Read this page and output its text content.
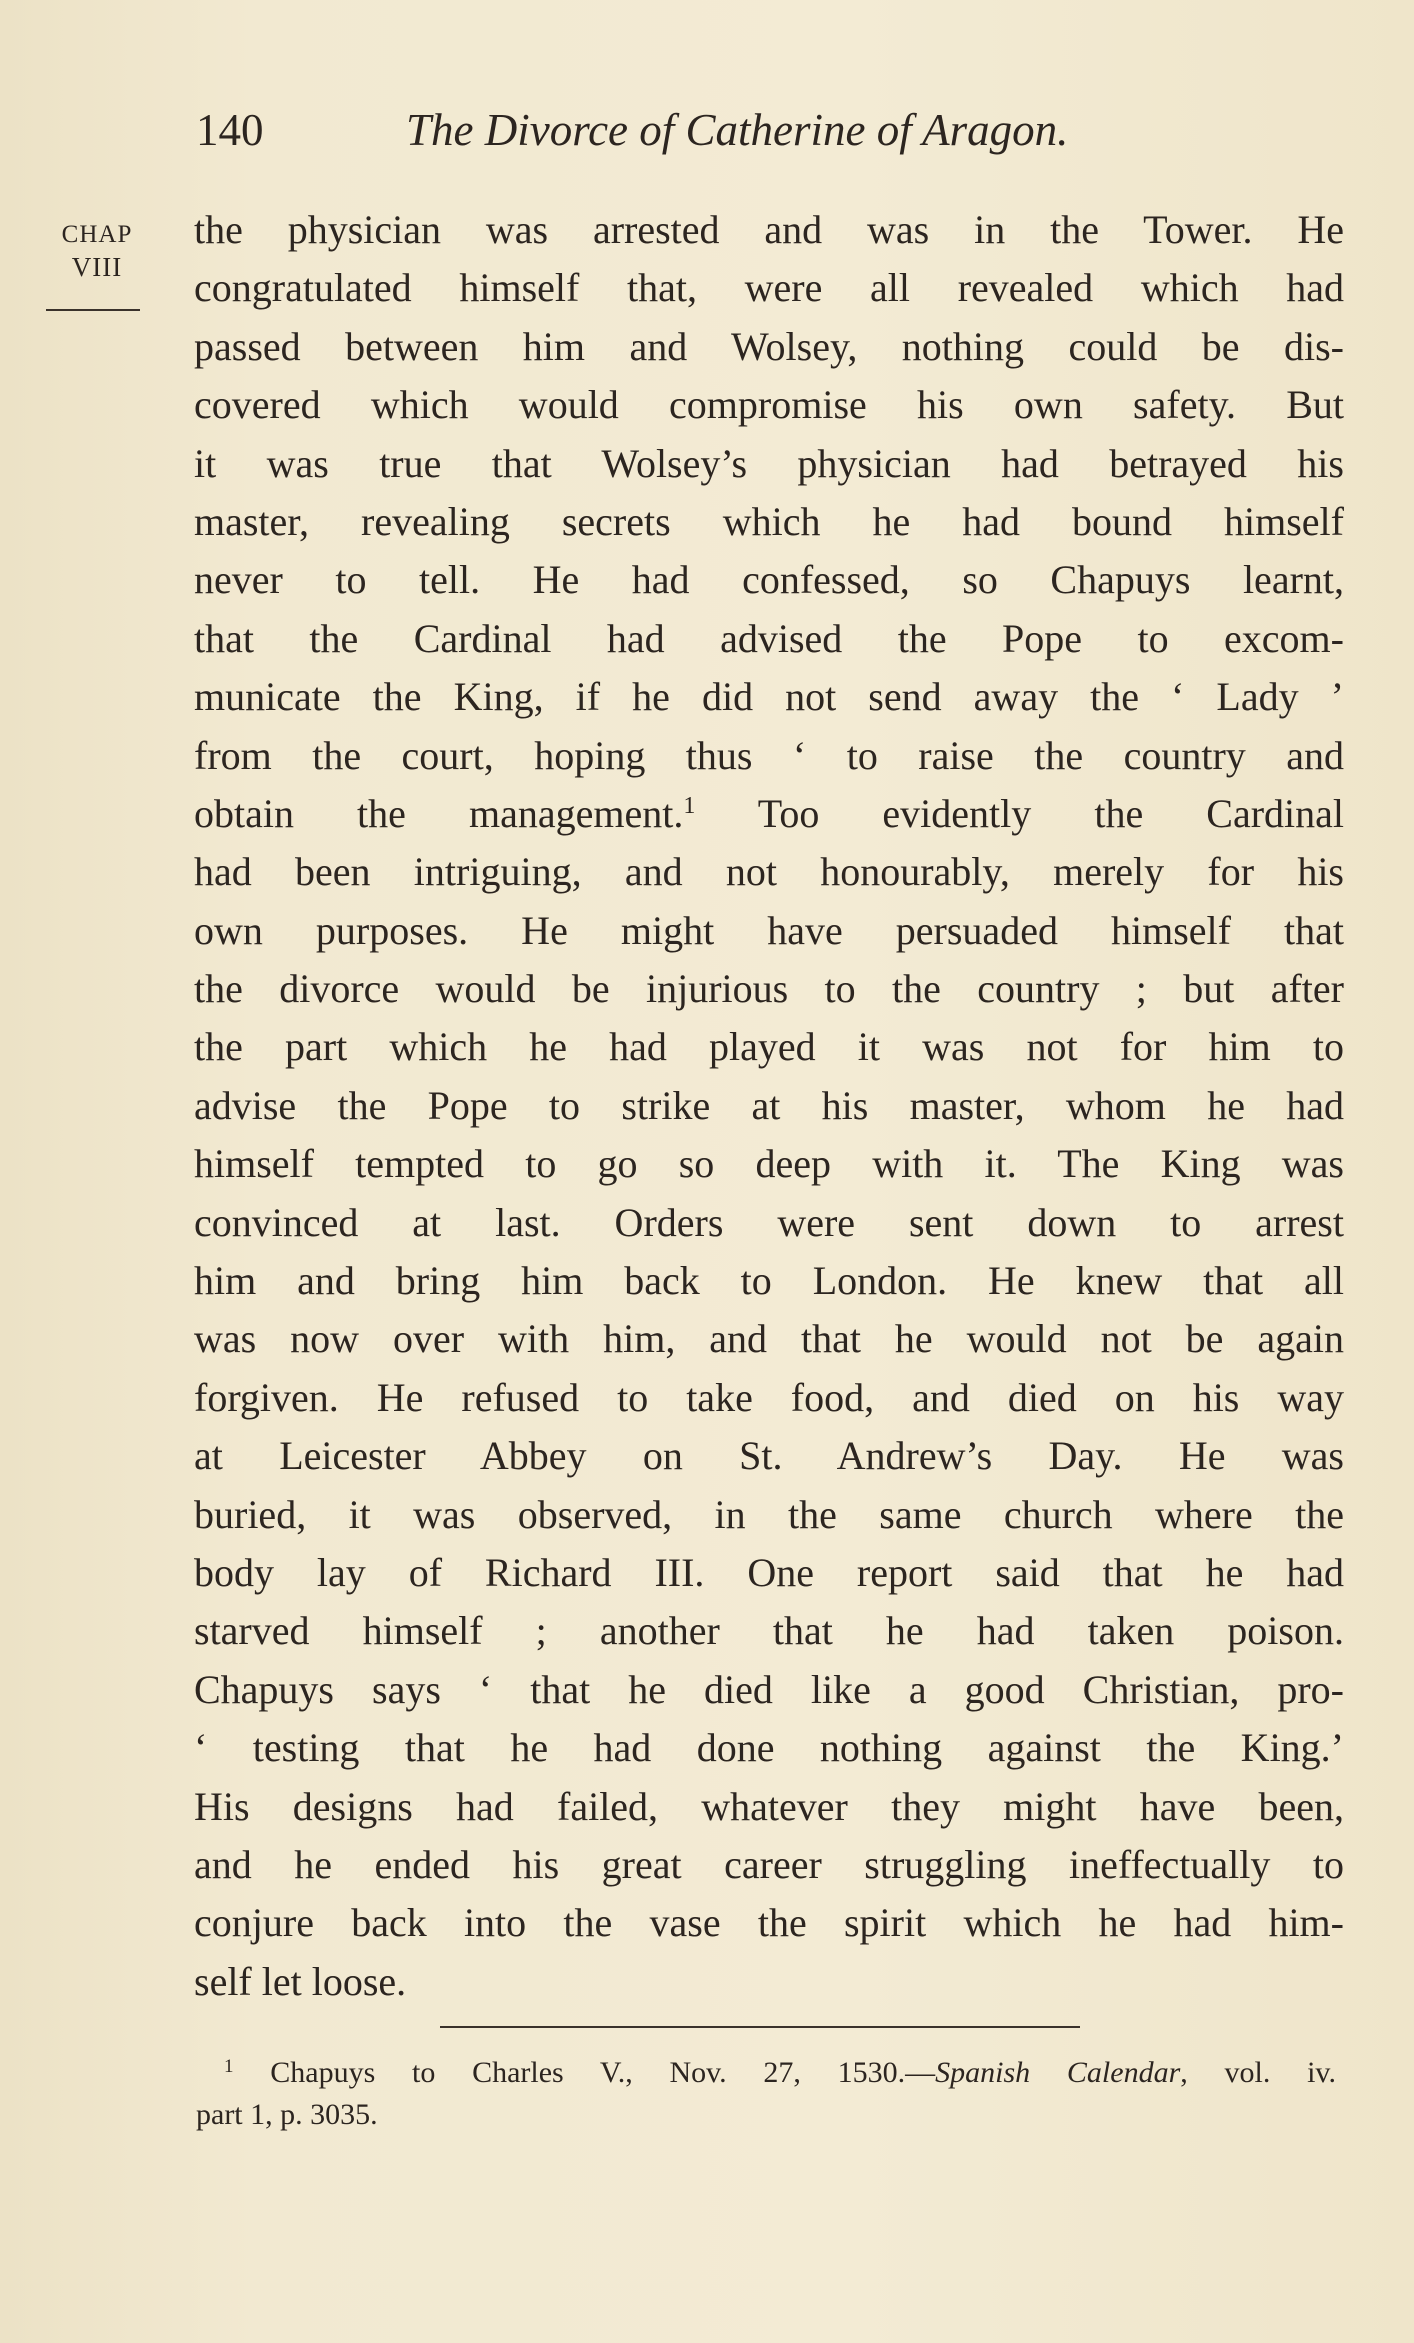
140	The Divorce of Catherine of Aragon.
CHAP
VIII
the physician was arrested and was in the Tower. He
congratulated himself that, were all revealed which had
passed between him and Wolsey, nothing could be dis-
covered which would compromise his own safety. But
it was true that Wolsey’s physician had betrayed his
master, revealing secrets which he had bound himself
never to tell. He had confessed, so Chapuys learnt,
that the Cardinal had advised the Pope to excom-
municate the King, if he did not send away the ‘ Lady ’
from the court, hoping thus ‘ to raise the country and
obtain the management.$^1$ Too evidently the Cardinal
had been intriguing, and not honourably, merely for his
own purposes. He might have persuaded himself that
the divorce would be injurious to the country ; but after
the part which he had played it was not for him to
advise the Pope to strike at his master, whom he had
himself tempted to go so deep with it. The King was
convinced at last. Orders were sent down to arrest
him and bring him back to London. He knew that all
was now over with him, and that he would not be again
forgiven. He refused to take food, and died on his way
at Leicester Abbey on St. Andrew’s Day. He was
buried, it was observed, in the same church where the
body lay of Richard III. One report said that he had
starved himself ; another that he had taken poison.
Chapuys says ‘ that he died like a good Christian, pro-
‘ testing that he had done nothing against the King.’
His designs had failed, whatever they might have been,
and he ended his great career struggling ineffectually to
conjure back into the vase the spirit which he had him-
self let loose.
$^1$ Chapuys to Charles V., Nov. 27, 1530.—Spanish Calendar, vol. iv.
part 1, p. 3035.
